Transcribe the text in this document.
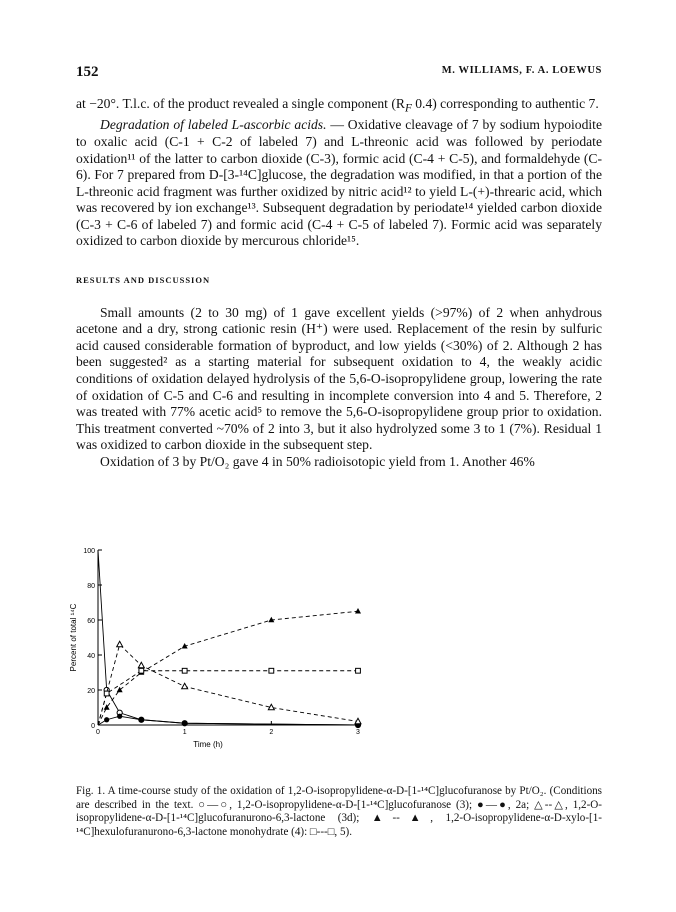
152	M. WILLIAMS, F. A. LOEWUS

at −20°. T.l.c. of the product revealed a single component ($R_F$ 0.4) corresponding to authentic 7.

Degradation of labeled L-ascorbic acids. — Oxidative cleavage of 7 by sodium hypoiodite to oxalic acid (C-1 + C-2 of labeled 7) and L-threonic acid was followed by periodate oxidation¹¹ of the latter to carbon dioxide (C-3), formic acid (C-4 + C-5), and formaldehyde (C-6). For 7 prepared from D-[3-¹⁴C]glucose, the degradation was modified, in that a portion of the L-threonic acid fragment was further oxidized by nitric acid¹² to yield L-(+)-threaric acid, which was recovered by ion exchange¹³. Subsequent degradation by periodate¹⁴ yielded carbon dioxide (C-3 + C-6 of labeled 7) and formic acid (C-4 + C-5 of labeled 7). Formic acid was separately oxidized to carbon dioxide by mercurous chloride¹⁵.

RESULTS AND DISCUSSION

Small amounts (2 to 30 mg) of 1 gave excellent yields (>97%) of 2 when anhydrous acetone and a dry, strong cationic resin (H⁺) were used. Replacement of the resin by sulfuric acid caused considerable formation of byproduct, and low yields (<30%) of 2. Although 2 has been suggested² as a starting material for subsequent oxidation to 4, the weakly acidic conditions of oxidation delayed hydrolysis of the 5,6-O-isopropylidene group, lowering the rate of oxidation of C-5 and C-6 and resulting in incomplete conversion into 4 and 5. Therefore, 2 was treated with 77% acetic acid⁵ to remove the 5,6-O-isopropylidene group prior to oxidation. This treatment converted ~70% of 2 into 3, but it also hydrolyzed some 3 to 1 (7%). Residual 1 was oxidized to carbon dioxide in the subsequent step.

Oxidation of 3 by Pt/O₂ gave 4 in 50% radioisotopic yield from 1. Another 46%

0
20
40
60
80
100
0	1	2	3
Time (h)
Percent of total ¹⁴C

Fig. 1. A time-course study of the oxidation of 1,2-O-isopropylidene-α-D-[1-¹⁴C]glucofuranose by Pt/O₂. (Conditions are described in the text. ○—○, 1,2-O-isopropylidene-α-D-[1-¹⁴C]glucofuranose (3); ●—●, 2a; △--△, 1,2-O-isopropylidene-α-D-[1-¹⁴C]glucofuranurono-6,3-lactone (3d); ▲--▲, 1,2-O-isopropylidene-α-D-xylo-[1-¹⁴C]hexulofuranurono-6,3-lactone monohydrate (4): □---□, 5).
